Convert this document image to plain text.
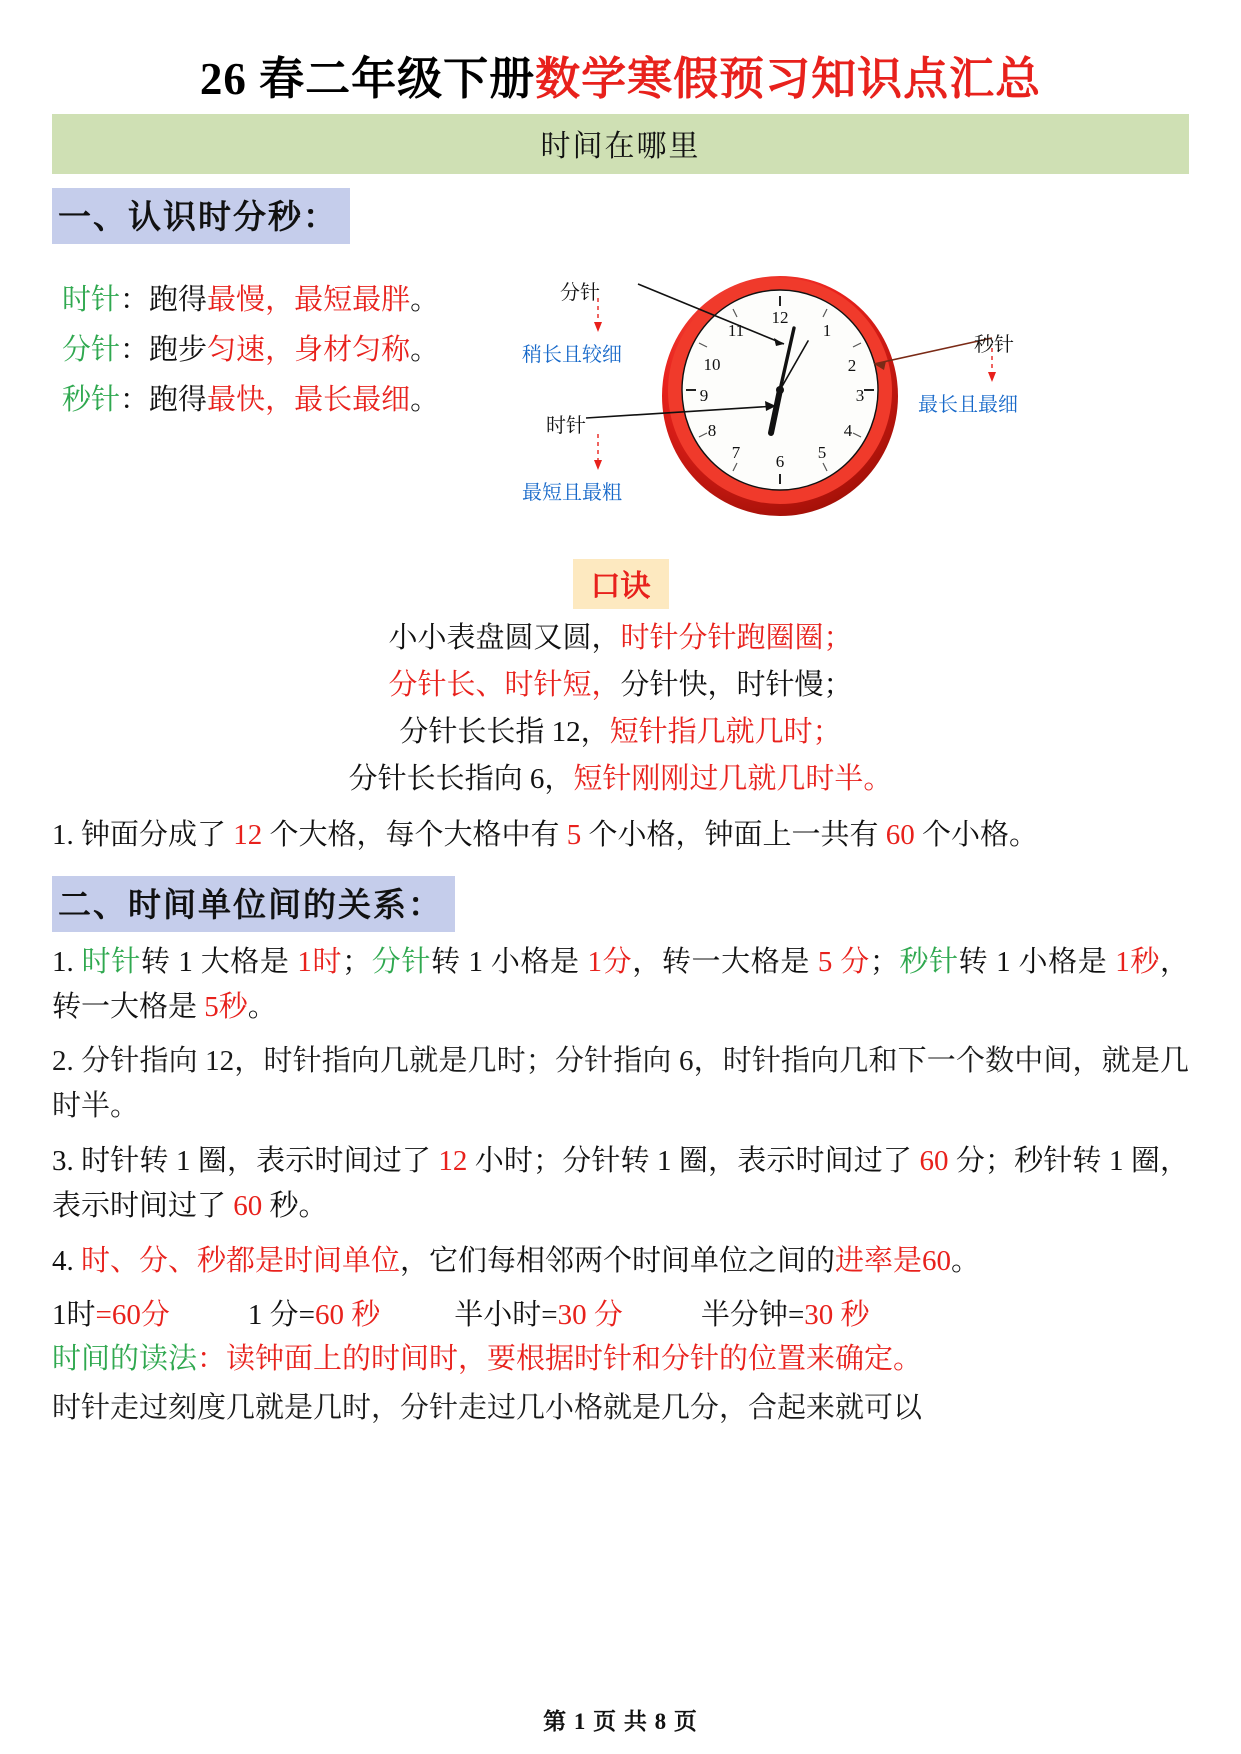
26 春二年级下册数学寒假预习知识点汇总
时间在哪里
一、认识时分秒：
时针：跑得最慢，最短最胖。
分针：跑步匀速，身材匀称。
秒针：跑得最快，最长最细。
12
1
2
3
4
5
6
7
8
9
10
11
分针
稍长且较细
时针
最短且最粗
秒针
最长且最细
口诀
小小表盘圆又圆，时针分针跑圈圈；
分针长、时针短，分针快，时针慢；
分针长长指 12，短针指几就几时；
分针长长指向 6，短针刚刚过几就几时半。

1. 钟面分成了 12 个大格，每个大格中有 5 个小格，钟面上一共有 60 个小格。

二、时间单位间的关系：

1. 时针转 1 大格是 1时；分针转 1 小格是 1分，转一大格是 5 分；秒针转 1 小格是 1秒，转一大格是 5秒。

2. 分针指向 12，时针指向几就是几时；分针指向 6，时针指向几和下一个数中间，就是几时半。

3. 时针转 1 圈，表示时间过了 12 小时；分针转 1 圈，表示时间过了 60 分；秒针转 1 圈，表示时间过了 60 秒。

4. 时、分、秒都是时间单位，它们每相邻两个时间单位之间的进率是60。

1时=60分	1 分=60 秒	半小时=30 分	半分钟=30 秒

时间的读法：读钟面上的时间时，要根据时针和分针的位置来确定。

时针走过刻度几就是几时，分针走过几小格就是几分，合起来就可以

第 1 页 共 8 页
